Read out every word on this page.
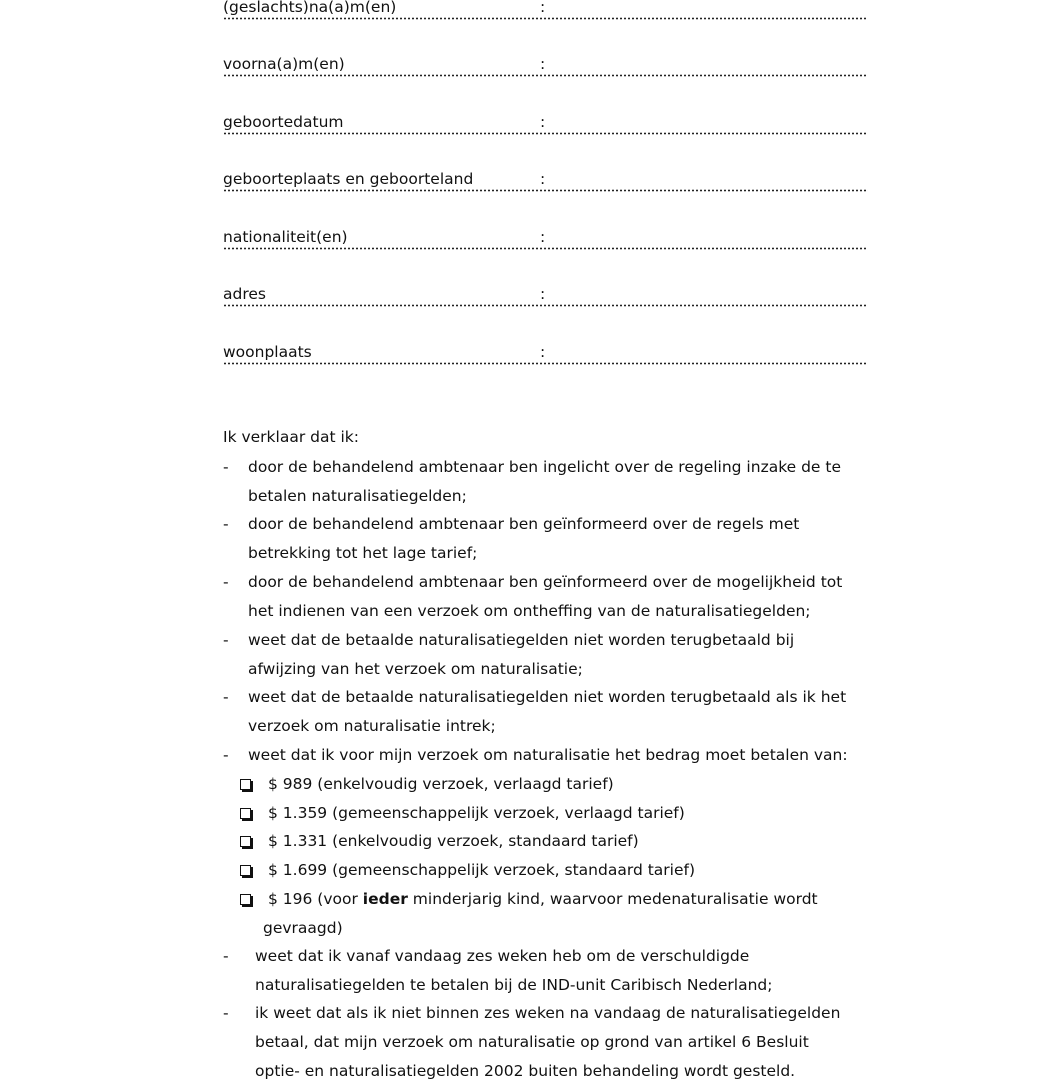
(geslachts)na(a)m(en)	:
voorna(a)m(en)	:
geboortedatum	:
geboorteplaats en geboorteland	:
nationaliteit(en)	:
adres	:
woonplaats	:
Ik verklaar dat ik:
- door de behandelend ambtenaar ben ingelicht over de regeling inzake de te
betalen naturalisatiegelden;
- door de behandelend ambtenaar ben geïnformeerd over de regels met
betrekking tot het lage tarief;
- door de behandelend ambtenaar ben geïnformeerd over de mogelijkheid tot
het indienen van een verzoek om ontheffing van de naturalisatiegelden;
- weet dat de betaalde naturalisatiegelden niet worden terugbetaald bij
afwijzing van het verzoek om naturalisatie;
- weet dat de betaalde naturalisatiegelden niet worden terugbetaald als ik het
verzoek om naturalisatie intrek;
- weet dat ik voor mijn verzoek om naturalisatie het bedrag moet betalen van:
$ 989 (enkelvoudig verzoek, verlaagd tarief)
$ 1.359 (gemeenschappelijk verzoek, verlaagd tarief)
$ 1.331 (enkelvoudig verzoek, standaard tarief)
$ 1.699 (gemeenschappelijk verzoek, standaard tarief)
$ 196 (voor ieder minderjarig kind, waarvoor medenaturalisatie wordt
gevraagd)
- weet dat ik vanaf vandaag zes weken heb om de verschuldigde
naturalisatiegelden te betalen bij de IND-unit Caribisch Nederland;
- ik weet dat als ik niet binnen zes weken na vandaag de naturalisatiegelden
betaal, dat mijn verzoek om naturalisatie op grond van artikel 6 Besluit
optie- en naturalisatiegelden 2002 buiten behandeling wordt gesteld.
